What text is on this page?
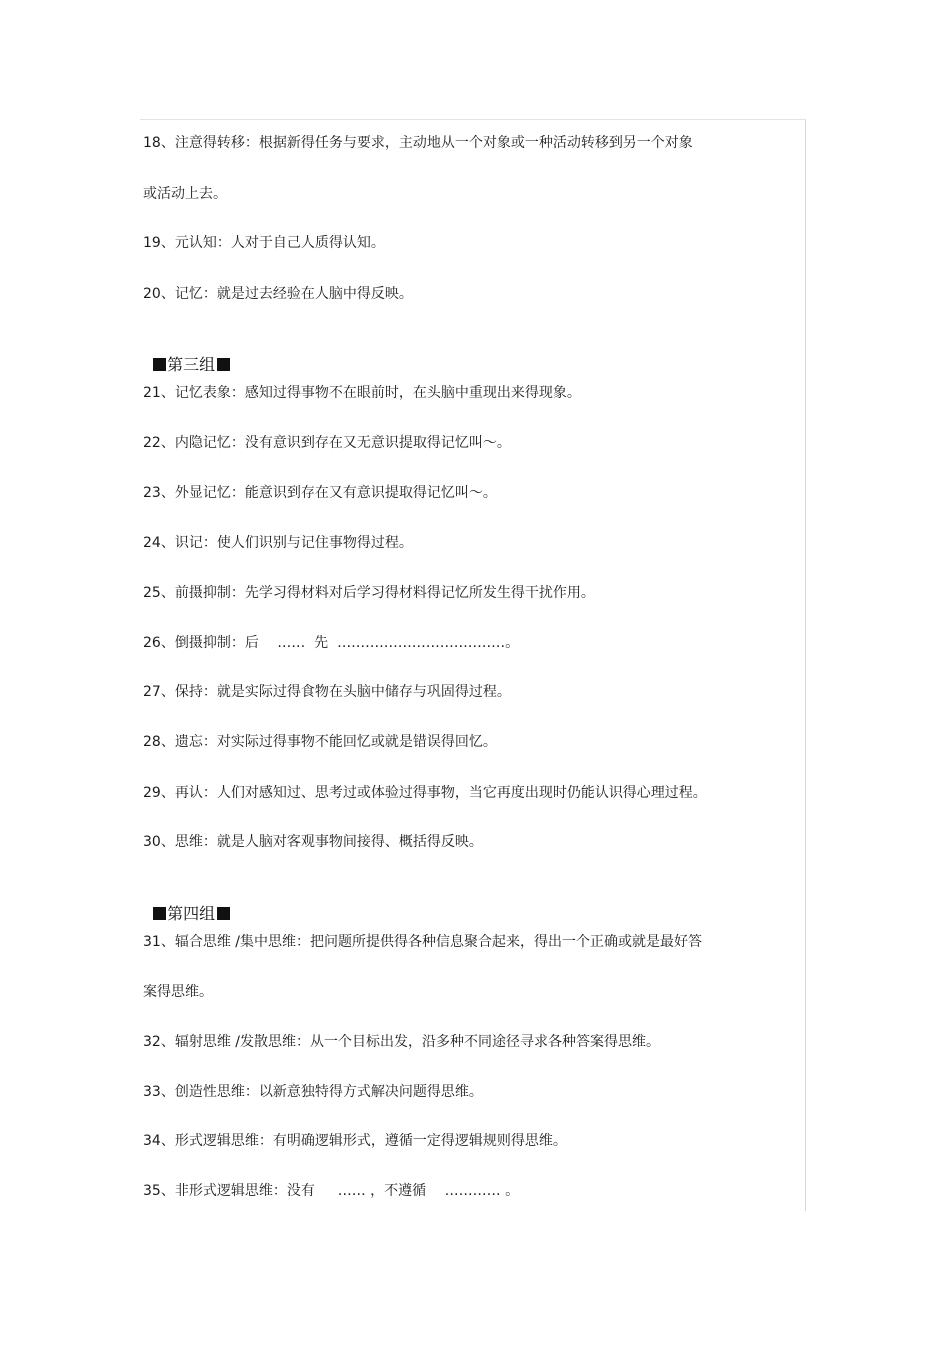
18、注意得转移：根据新得任务与要求，主动地从一个对象或一种活动转移到另一个对象
或活动上去。
19、元认知：人对于自己人质得认知。
20、记忆：就是过去经验在人脑中得反映。

第三组

21、记忆表象：感知过得事物不在眼前时，在头脑中重现出来得现象。
22、内隐记忆：没有意识到存在又无意识提取得记忆叫～。
23、外显记忆：能意识到存在又有意识提取得记忆叫～。
24、识记：使人们识别与记住事物得过程。
25、前摄抑制：先学习得材料对后学习得材料得记忆所发生得干扰作用。
26、倒摄抑制：后　 ……  先  ………………………………。
27、保持：就是实际过得食物在头脑中储存与巩固得过程。
28、遗忘：对实际过得事物不能回忆或就是错误得回忆。
29、再认：人们对感知过、思考过或体验过得事物，当它再度出现时仍能认识得心理过程。
30、思维：就是人脑对客观事物间接得、概括得反映。

第四组

31、辐合思维 /集中思维：把问题所提供得各种信息聚合起来，得出一个正确或就是最好答
案得思维。
32、辐射思维 /发散思维：从一个目标出发，沿多种不同途径寻求各种答案得思维。
33、创造性思维：以新意独特得方式解决问题得思维。
34、形式逻辑思维：有明确逻辑形式，遵循一定得逻辑规则得思维。
35、非形式逻辑思维：没有　  …… ，不遵循　 ………… 。
